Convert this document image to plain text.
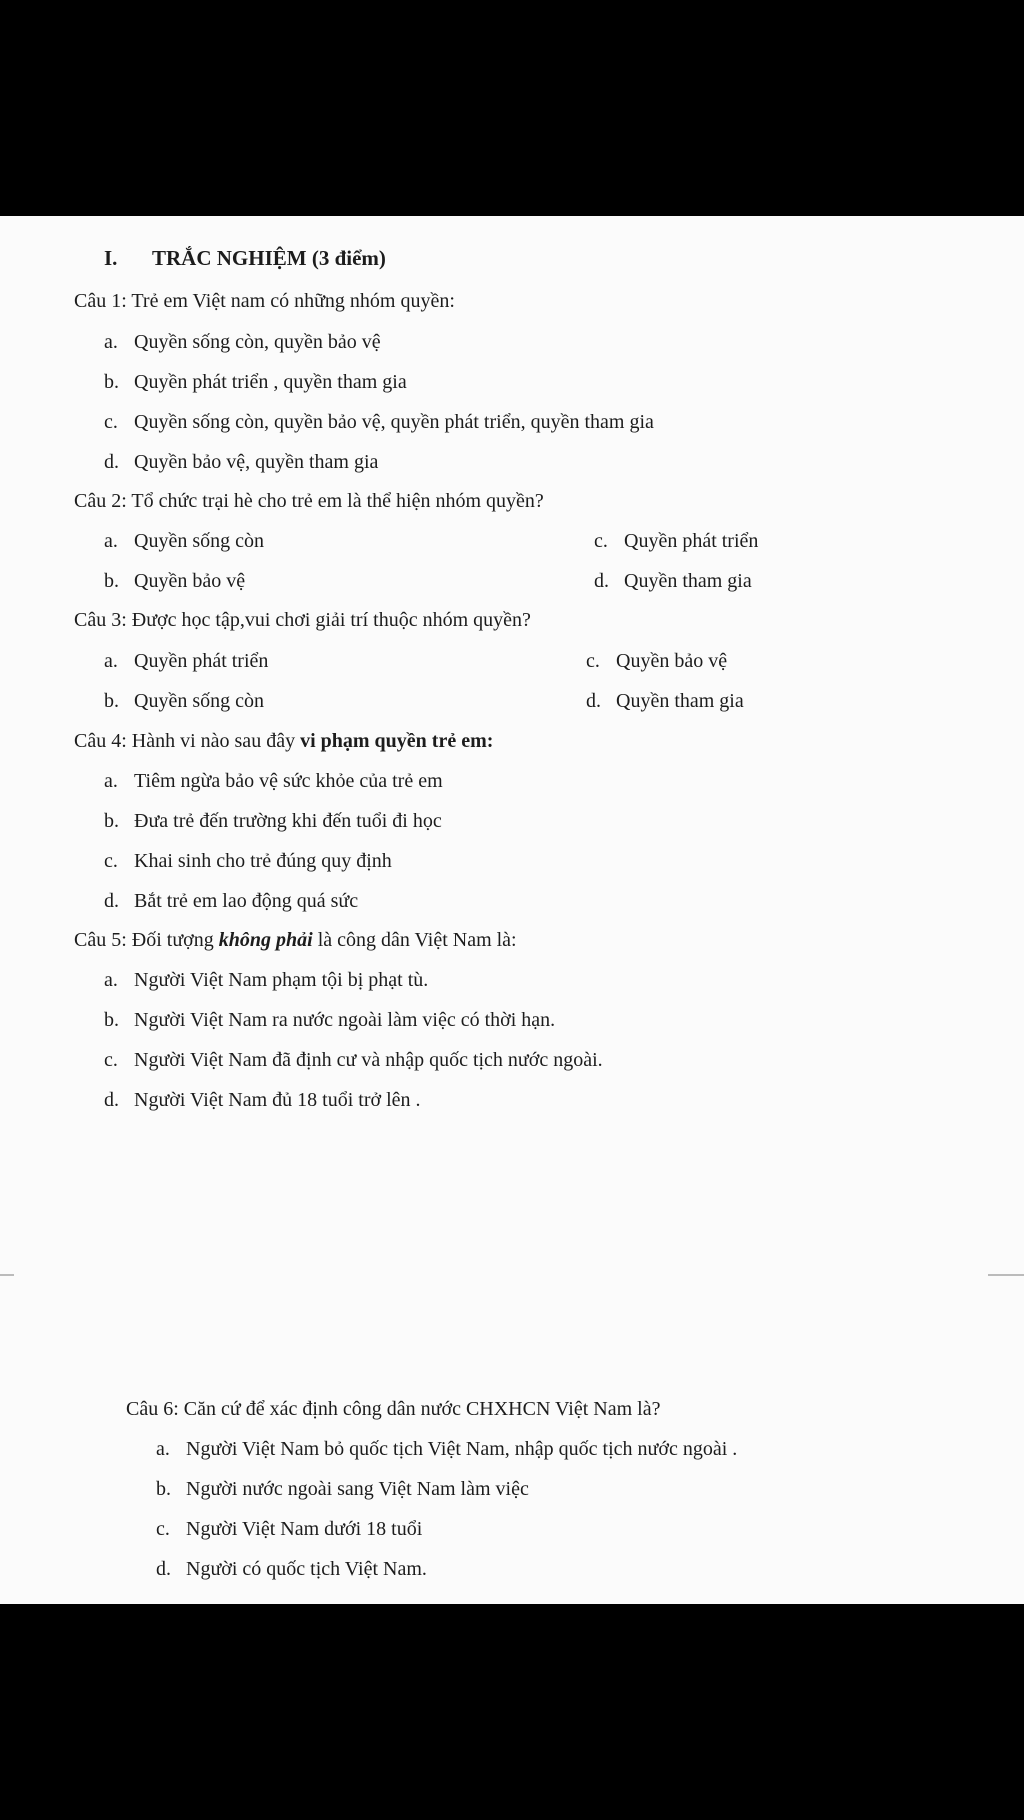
I. TRẮC NGHIỆM (3 điểm)
Câu 1: Trẻ em Việt nam có những nhóm quyền:
a. Quyền sống còn, quyền bảo vệ
b. Quyền phát triển , quyền tham gia
c. Quyền sống còn, quyền bảo vệ, quyền phát triển, quyền tham gia
d. Quyền bảo vệ, quyền tham gia
Câu 2: Tổ chức trại hè cho trẻ em là thể hiện nhóm quyền?
a. Quyền sống còn	c. Quyền phát triển
b. Quyền bảo vệ	d. Quyền tham gia
Câu 3: Được học tập,vui chơi giải trí thuộc nhóm quyền?
a. Quyền phát triển	c. Quyền bảo vệ
b. Quyền sống còn	d. Quyền tham gia
Câu 4: Hành vi nào sau đây vi phạm quyền trẻ em:
a. Tiêm ngừa bảo vệ sức khỏe của trẻ em
b. Đưa trẻ đến trường khi đến tuổi đi học
c. Khai sinh cho trẻ đúng quy định
d. Bắt trẻ em lao động quá sức
Câu 5: Đối tượng không phải là công dân Việt Nam là:
a. Người Việt Nam phạm tội bị phạt tù.
b. Người Việt Nam ra nước ngoài làm việc có thời hạn.
c. Người Việt Nam đã định cư và nhập quốc tịch nước ngoài.
d. Người Việt Nam đủ 18 tuổi trở lên .
Câu 6: Căn cứ để xác định công dân nước CHXHCN Việt Nam là?
a. Người Việt Nam bỏ quốc tịch Việt Nam, nhập quốc tịch nước ngoài .
b. Người nước ngoài sang Việt Nam làm việc
c. Người Việt Nam dưới 18 tuổi
d. Người có quốc tịch Việt Nam.
